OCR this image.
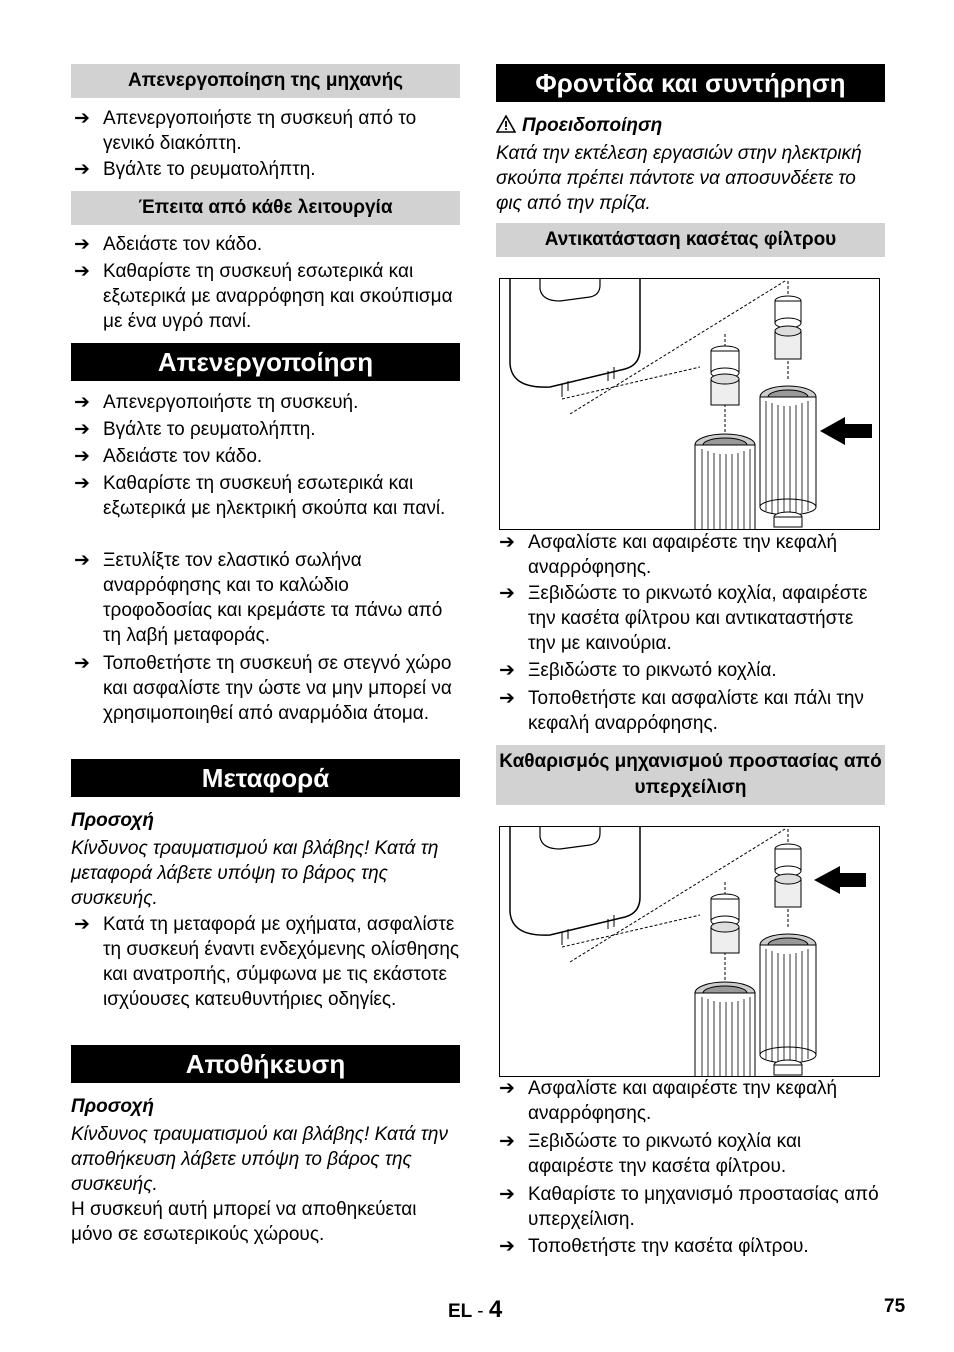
Απενεργοποίηση της μηχανής
➔ Απενεργοποιήστε τη συσκευή από το γενικό διακόπτη.
➔ Βγάλτε το ρευματολήπτη.
Έπειτα από κάθε λειτουργία
➔ Αδειάστε τον κάδο.
➔ Καθαρίστε τη συσκευή εσωτερικά και εξωτερικά με αναρρόφηση και σκούπισμα με ένα υγρό πανί.
Απενεργοποίηση
➔ Απενεργοποιήστε τη συσκευή.
➔ Βγάλτε το ρευματολήπτη.
➔ Αδειάστε τον κάδο.
➔ Καθαρίστε τη συσκευή εσωτερικά και εξωτερικά με ηλεκτρική σκούπα και πανί.
➔ Ξετυλίξτε τον ελαστικό σωλήνα αναρρόφησης και το καλώδιο τροφοδοσίας και κρεμάστε τα πάνω από τη λαβή μεταφοράς.
➔ Τοποθετήστε τη συσκευή σε στεγνό χώρο και ασφαλίστε την ώστε να μην μπορεί να χρησιμοποιηθεί από αναρμόδια άτομα.
Μεταφορά
Προσοχή
Κίνδυνος τραυματισμού και βλάβης! Κατά τη μεταφορά λάβετε υπόψη το βάρος της συσκευής.
➔ Κατά τη μεταφορά με οχήματα, ασφαλίστε τη συσκευή έναντι ενδεχόμενης ολίσθησης και ανατροπής, σύμφωνα με τις εκάστοτε ισχύουσες κατευθυντήριες οδηγίες.
Αποθήκευση
Προσοχή
Κίνδυνος τραυματισμού και βλάβης! Κατά την αποθήκευση λάβετε υπόψη το βάρος της συσκευής.
Η συσκευή αυτή μπορεί να αποθηκεύεται μόνο σε εσωτερικούς χώρους.
Φροντίδα και συντήρηση
Προειδοποίηση
Κατά την εκτέλεση εργασιών στην ηλεκτρική σκούπα πρέπει πάντοτε να αποσυνδέετε το φις από την πρίζα.
Αντικατάσταση κασέτας φίλτρου
➔ Ασφαλίστε και αφαιρέστε την κεφαλή αναρρόφησης.
➔ Ξεβιδώστε το ρικνωτό κοχλία, αφαιρέστε την κασέτα φίλτρου και αντικαταστήστε την με καινούρια.
➔ Ξεβιδώστε το ρικνωτό κοχλία.
➔ Τοποθετήστε και ασφαλίστε και πάλι την κεφαλή αναρρόφησης.
Καθαρισμός μηχανισμού προστασίας από υπερχείλιση
➔ Ασφαλίστε και αφαιρέστε την κεφαλή αναρρόφησης.
➔ Ξεβιδώστε το ρικνωτό κοχλία και αφαιρέστε την κασέτα φίλτρου.
➔ Καθαρίστε το μηχανισμό προστασίας από υπερχείλιση.
➔ Τοποθετήστε την κασέτα φίλτρου.
EL - 4	75
